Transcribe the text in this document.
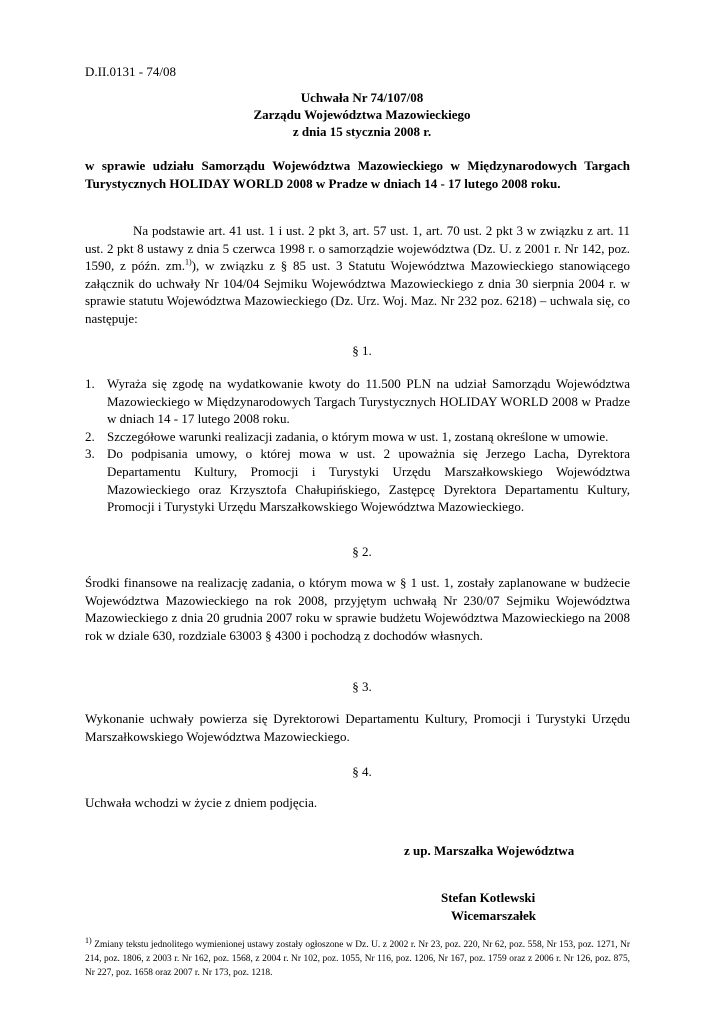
D.II.0131 - 74/08
Uchwała Nr 74/107/08
Zarządu Województwa Mazowieckiego
z dnia 15 stycznia 2008 r.
w sprawie udziału Samorządu Województwa Mazowieckiego w Międzynarodowych Targach Turystycznych HOLIDAY WORLD 2008 w Pradze w dniach 14 - 17 lutego 2008 roku.

Na podstawie art. 41 ust. 1 i ust. 2 pkt 3, art. 57 ust. 1, art. 70 ust. 2 pkt 3 w związku z art. 11 ust. 2 pkt 8 ustawy z dnia 5 czerwca 1998 r. o samorządzie województwa (Dz. U. z 2001 r. Nr 142, poz. 1590, z późn. zm.$^{1)}$), w związku z § 85 ust. 3 Statutu Województwa Mazowieckiego stanowiącego załącznik do uchwały Nr 104/04 Sejmiku Województwa Mazowieckiego z dnia 30 sierpnia 2004 r. w sprawie statutu Województwa Mazowieckiego (Dz. Urz. Woj. Maz. Nr 232 poz. 6218) – uchwala się, co następuje:

§ 1.
1. Wyraża się zgodę na wydatkowanie kwoty do 11.500 PLN na udział Samorządu Województwa Mazowieckiego w Międzynarodowych Targach Turystycznych HOLIDAY WORLD 2008 w Pradze w dniach 14 - 17 lutego 2008 roku.
2. Szczegółowe warunki realizacji zadania, o którym mowa w ust. 1, zostaną określone w umowie.
3. Do podpisania umowy, o której mowa w ust. 2 upoważnia się Jerzego Lacha, Dyrektora Departamentu Kultury, Promocji i Turystyki Urzędu Marszałkowskiego Województwa Mazowieckiego oraz Krzysztofa Chałupińskiego, Zastępcę Dyrektora Departamentu Kultury, Promocji i Turystyki Urzędu Marszałkowskiego Województwa Mazowieckiego.
§ 2.

Środki finansowe na realizację zadania, o którym mowa w § 1 ust. 1, zostały zaplanowane w budżecie Województwa Mazowieckiego na rok 2008, przyjętym uchwałą Nr 230/07 Sejmiku Województwa Mazowieckiego z dnia 20 grudnia 2007 roku w sprawie budżetu Województwa Mazowieckiego na 2008 rok w dziale 630, rozdziale 63003 § 4300 i pochodzą z dochodów własnych.

§ 3.

Wykonanie uchwały powierza się Dyrektorowi Departamentu Kultury, Promocji i Turystyki Urzędu Marszałkowskiego Województwa Mazowieckiego.

§ 4.

Uchwała wchodzi w życie z dniem podjęcia.

z up. Marszałka Województwa
Stefan Kotlewski
Wicemarszałek

$^{1)}$ Zmiany tekstu jednolitego wymienionej ustawy zostały ogłoszone w Dz. U. z 2002 r. Nr 23, poz. 220, Nr 62, poz. 558, Nr 153, poz. 1271, Nr 214, poz. 1806, z 2003 r. Nr 162, poz. 1568, z 2004 r. Nr 102, poz. 1055, Nr 116, poz. 1206, Nr 167, poz. 1759 oraz z 2006 r. Nr 126, poz. 875, Nr 227, poz. 1658 oraz 2007 r. Nr 173, poz. 1218.
